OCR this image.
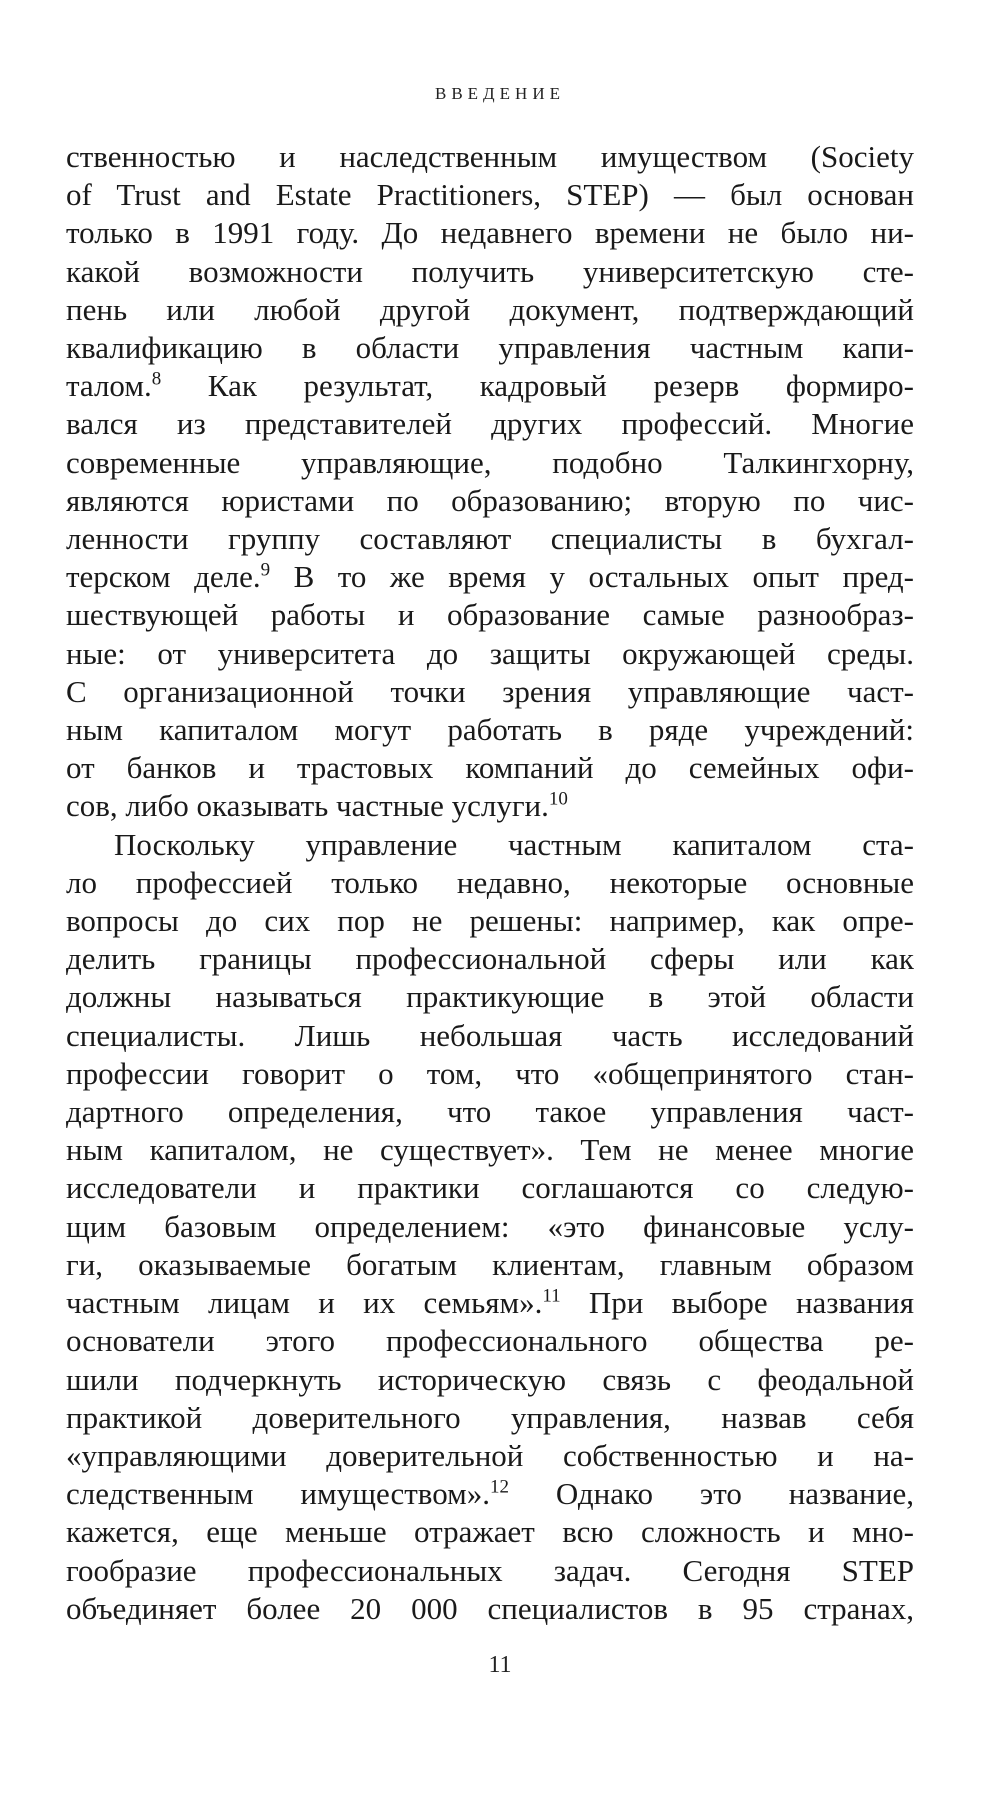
ВВЕДЕНИЕ
ственностью и наследственным имуществом (Society
of Trust and Estate Practitioners, STEP) — был основан
только в 1991 году. До недавнего времени не было ни-
какой возможности получить университетскую сте-
пень или любой другой документ, подтверждающий
квалификацию в области управления частным капи-
талом.$^8$ Как результат, кадровый резерв формиро-
вался из представителей других профессий. Многие
современные управляющие, подобно Талкингхорну,
являются юристами по образованию; вторую по чис-
ленности группу составляют специалисты в бухгал-
терском деле.$^9$ В то же время у остальных опыт пред-
шествующей работы и образование самые разнообраз-
ные: от университета до защиты окружающей среды.
С организационной точки зрения управляющие част-
ным капиталом могут работать в ряде учреждений:
от банков и трастовых компаний до семейных офи-
сов, либо оказывать частные услуги.$^{10}$
Поскольку управление частным капиталом ста-
ло профессией только недавно, некоторые основные
вопросы до сих пор не решены: например, как опре-
делить границы профессиональной сферы или как
должны называться практикующие в этой области
специалисты. Лишь небольшая часть исследований
профессии говорит о том, что «общепринятого стан-
дартного определения, что такое управления част-
ным капиталом, не существует». Тем не менее многие
исследователи и практики соглашаются со следую-
щим базовым определением: «это финансовые услу-
ги, оказываемые богатым клиентам, главным образом
частным лицам и их семьям».$^{11}$ При выборе названия
основатели этого профессионального общества ре-
шили подчеркнуть историческую связь с феодальной
практикой доверительного управления, назвав себя
«управляющими доверительной собственностью и на-
следственным имуществом».$^{12}$ Однако это название,
кажется, еще меньше отражает всю сложность и мно-
гообразие профессиональных задач. Сегодня STEP
объединяет более 20 000 специалистов в 95 странах,
11
